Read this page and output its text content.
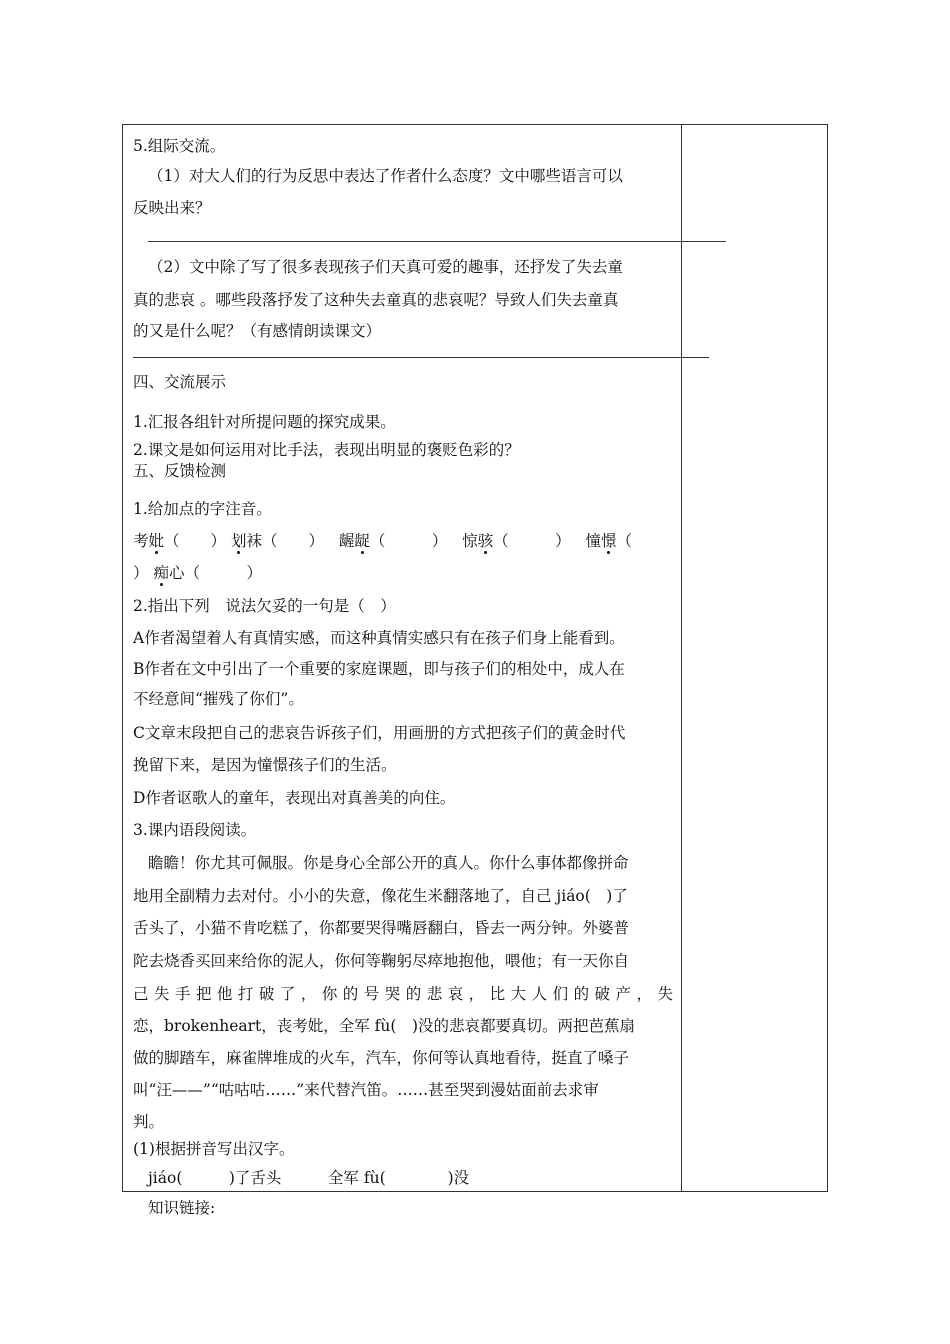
5.组际交流。
（1）对大人们的行为反思中表达了作者什么态度？文中哪些语言可以
反映出来？
（2）文中除了写了很多表现孩子们天真可爱的趣事，还抒发了失去童
真的悲哀 。哪些段落抒发了这种失去童真的悲哀呢？导致人们失去童真
的又是什么呢？（有感情朗读课文）
四、交流展示
1.汇报各组针对所提问题的探究成果。
2.课文是如何运用对比手法，表现出明显的褒贬色彩的？
五、反馈检测
1.给加点的字注音。
考妣（　　） 划袜（　　） 龌龊（　　　） 惊骇（　　　） 憧憬（
） 痴心（　　　）
2.指出下列　说法欠妥的一句是（　）
A作者渴望着人有真情实感，而这种真情实感只有在孩子们身上能看到。
B作者在文中引出了一个重要的家庭课题，即与孩子们的相处中，成人在
不经意间“摧残了你们”。
C文章末段把自己的悲哀告诉孩子们，用画册的方式把孩子们的黄金时代
挽留下来，是因为憧憬孩子们的生活。
D作者讴歌人的童年，表现出对真善美的向住。
3.课内语段阅读。
瞻瞻！你尤其可佩服。你是身心全部公开的真人。你什么事体都像拼命
地用全副精力去对付。小小的失意，像花生米翻落地了，自己 jiáo(　)了
舌头了，小猫不肯吃糕了，你都要哭得嘴唇翻白，昏去一两分钟。外婆普
陀去烧香买回来给你的泥人，你何等鞠躬尽瘁地抱他，喂他；有一天你自
己失手把他打破了，你的号哭的悲哀，比大人们的破产，失
恋，brokenheart，丧考妣，全军 fù(　)没的悲哀都要真切。两把芭蕉扇
做的脚踏车，麻雀牌堆成的火车，汽车，你何等认真地看待，挺直了嗓子
叫“汪——”“咕咕咕……”来代替汽笛。……甚至哭到漫姑面前去求审
判。
(1)根据拼音写出汉字。
jiáo(　　　)了舌头　　　全军 fù(　　　　)没
知识链接:
